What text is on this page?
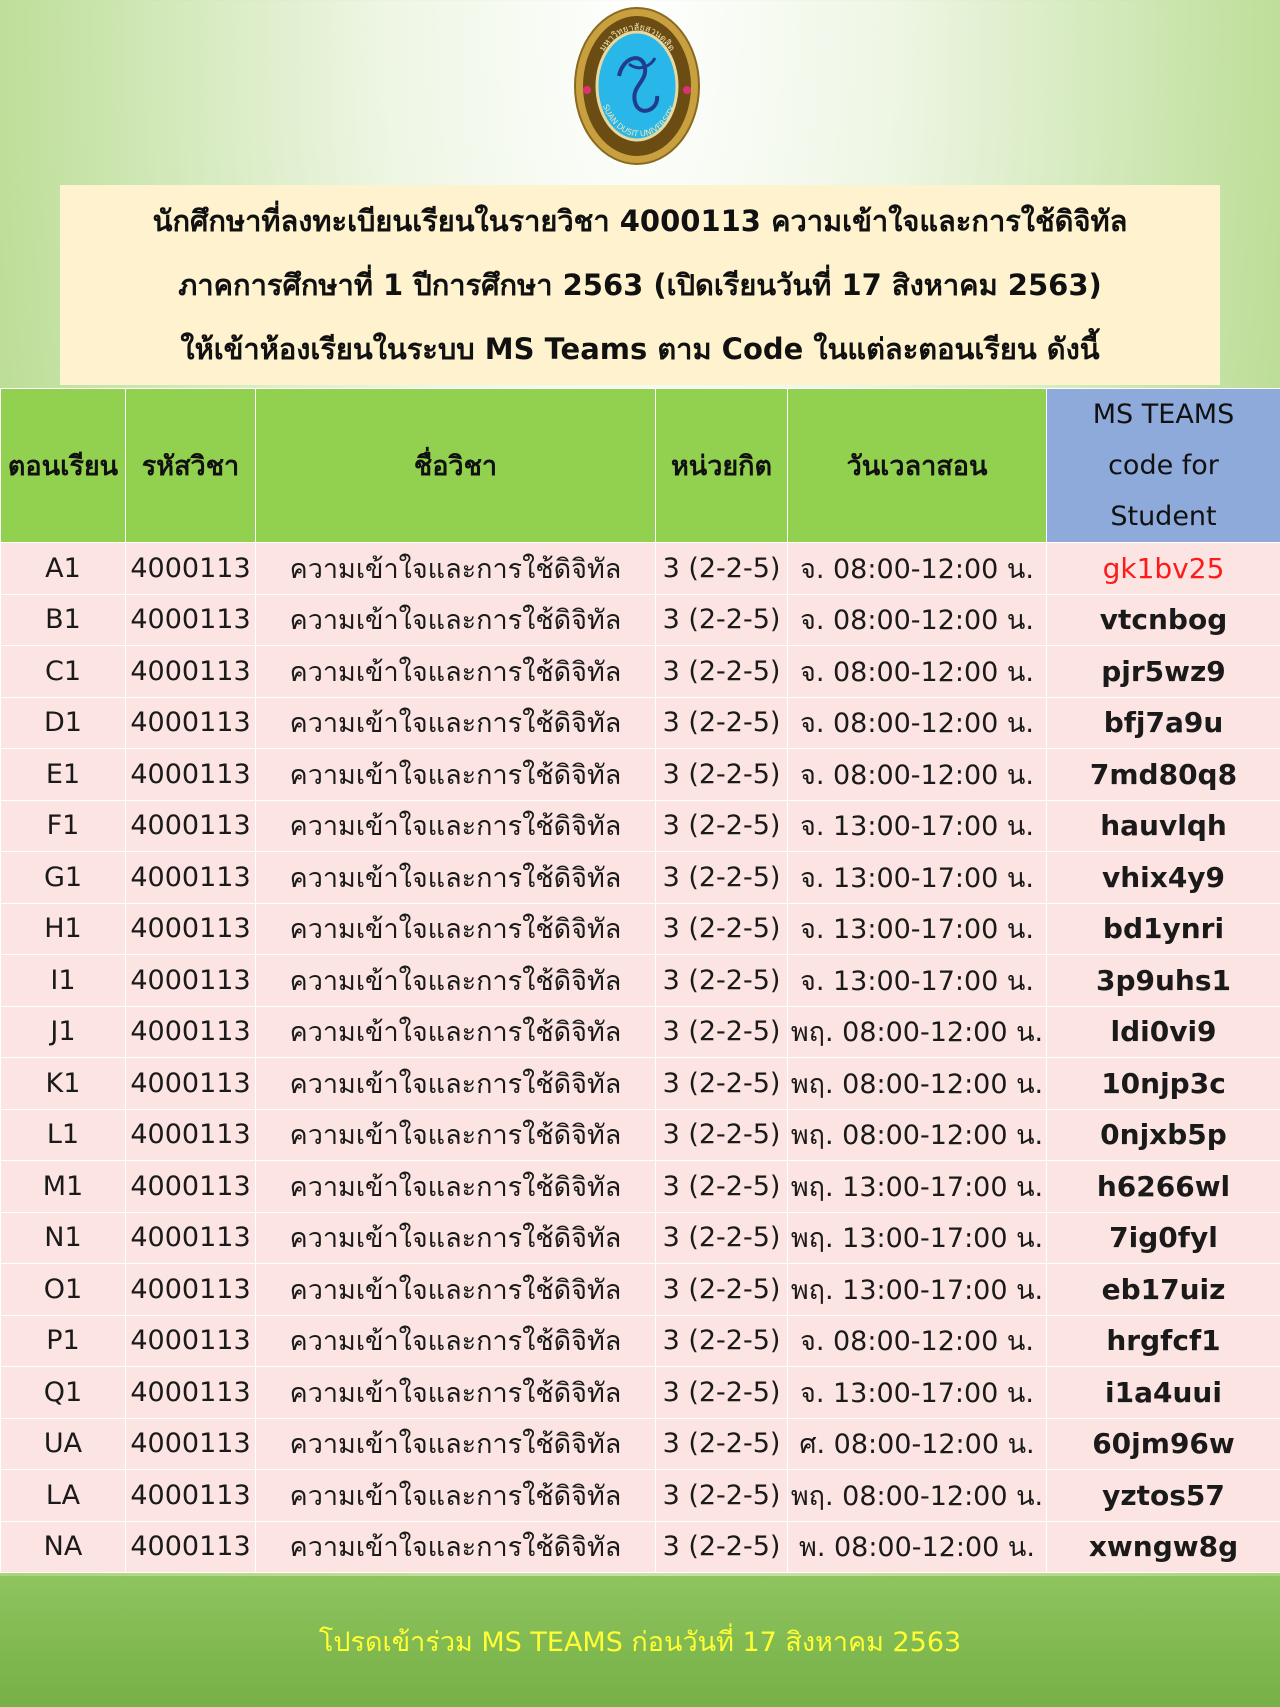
มหาวิทยาลัยสวนดุสิต
SUAN DUSIT UNIVERSITY
นักศึกษาที่ลงทะเบียนเรียนในรายวิชา 4000113 ความเข้าใจและการใช้ดิจิทัล
ภาคการศึกษาที่ 1 ปีการศึกษา 2563 (เปิดเรียนวันที่ 17 สิงหาคม 2563)
ให้เข้าห้องเรียนในระบบ MS Teams ตาม Code ในแต่ละตอนเรียน ดังนี้
ตอนเรียน	รหัสวิชา	ชื่อวิชา	หน่วยกิต	วันเวลาสอน	MS TEAMS
code for
Student

A1	4000113	ความเข้าใจและการใช้ดิจิทัล	3 (2-2-5)	จ. 08:00-12:00 น.	gk1bv25
B1	4000113	ความเข้าใจและการใช้ดิจิทัล	3 (2-2-5)	จ. 08:00-12:00 น.	vtcnbog
C1	4000113	ความเข้าใจและการใช้ดิจิทัล	3 (2-2-5)	จ. 08:00-12:00 น.	pjr5wz9
D1	4000113	ความเข้าใจและการใช้ดิจิทัล	3 (2-2-5)	จ. 08:00-12:00 น.	bfj7a9u
E1	4000113	ความเข้าใจและการใช้ดิจิทัล	3 (2-2-5)	จ. 08:00-12:00 น.	7md80q8
F1	4000113	ความเข้าใจและการใช้ดิจิทัล	3 (2-2-5)	จ. 13:00-17:00 น.	hauvlqh
G1	4000113	ความเข้าใจและการใช้ดิจิทัล	3 (2-2-5)	จ. 13:00-17:00 น.	vhix4y9
H1	4000113	ความเข้าใจและการใช้ดิจิทัล	3 (2-2-5)	จ. 13:00-17:00 น.	bd1ynri
I1	4000113	ความเข้าใจและการใช้ดิจิทัล	3 (2-2-5)	จ. 13:00-17:00 น.	3p9uhs1
J1	4000113	ความเข้าใจและการใช้ดิจิทัล	3 (2-2-5)	พฤ. 08:00-12:00 น.	ldi0vi9
K1	4000113	ความเข้าใจและการใช้ดิจิทัล	3 (2-2-5)	พฤ. 08:00-12:00 น.	10njp3c
L1	4000113	ความเข้าใจและการใช้ดิจิทัล	3 (2-2-5)	พฤ. 08:00-12:00 น.	0njxb5p
M1	4000113	ความเข้าใจและการใช้ดิจิทัล	3 (2-2-5)	พฤ. 13:00-17:00 น.	h6266wl
N1	4000113	ความเข้าใจและการใช้ดิจิทัล	3 (2-2-5)	พฤ. 13:00-17:00 น.	7ig0fyl
O1	4000113	ความเข้าใจและการใช้ดิจิทัล	3 (2-2-5)	พฤ. 13:00-17:00 น.	eb17uiz
P1	4000113	ความเข้าใจและการใช้ดิจิทัล	3 (2-2-5)	จ. 08:00-12:00 น.	hrgfcf1
Q1	4000113	ความเข้าใจและการใช้ดิจิทัล	3 (2-2-5)	จ. 13:00-17:00 น.	i1a4uui
UA	4000113	ความเข้าใจและการใช้ดิจิทัล	3 (2-2-5)	ศ. 08:00-12:00 น.	60jm96w
LA	4000113	ความเข้าใจและการใช้ดิจิทัล	3 (2-2-5)	พฤ. 08:00-12:00 น.	yztos57
NA	4000113	ความเข้าใจและการใช้ดิจิทัล	3 (2-2-5)	พ. 08:00-12:00 น.	xwngw8g
โปรดเข้าร่วม MS TEAMS ก่อนวันที่ 17 สิงหาคม 2563
